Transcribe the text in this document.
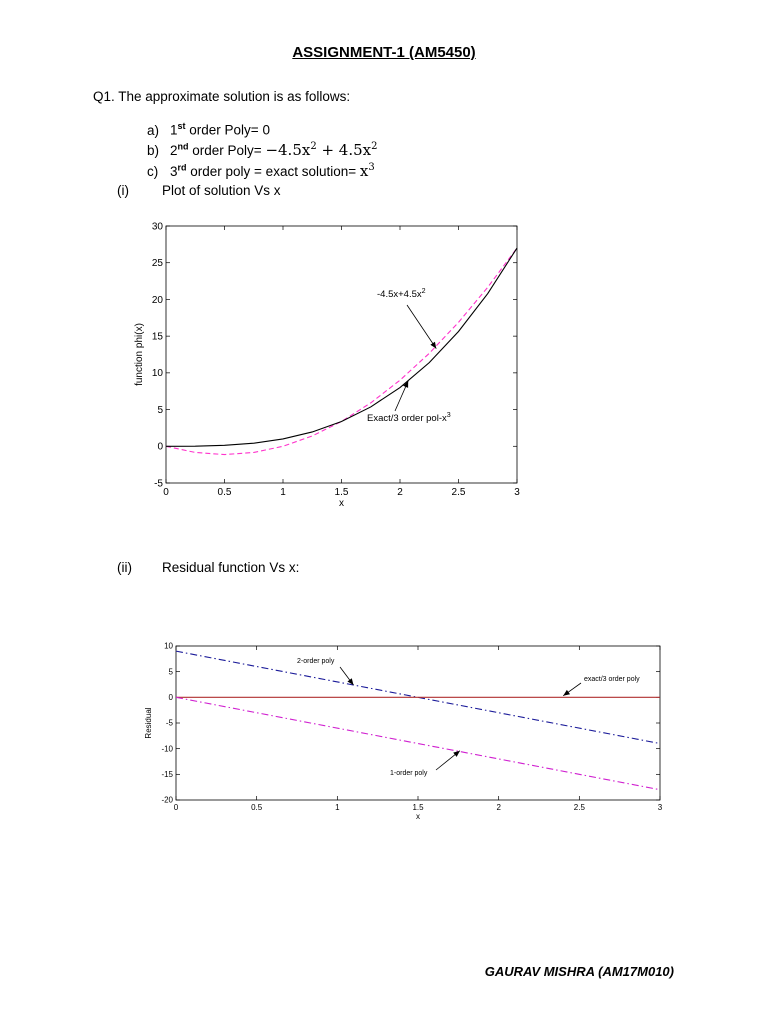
ASSIGNMENT-1 (AM5450)
Q1. The approximate solution is as follows:
a) 1st order Poly= 0
b) 2nd order Poly= $-4.5x^2 + 4.5x^2$
c) 3rd order poly = exact solution= $x^3$
(i) Plot of solution Vs x
(ii) Residual function Vs x:
0	0.5	1	1.5	2	2.5	3
-5
0
5
10
15
20
25
30
x
function phi(x)
$-4.5x+4.5x^2$
Exact/3 order pol-$x^3$
0	0.5	1	1.5	2	2.5	3
-20
-15
-10
-5
0
5
10
x
Residual
2-order poly
exact/3 order poly
1-order poly
GAURAV MISHRA (AM17M010)
